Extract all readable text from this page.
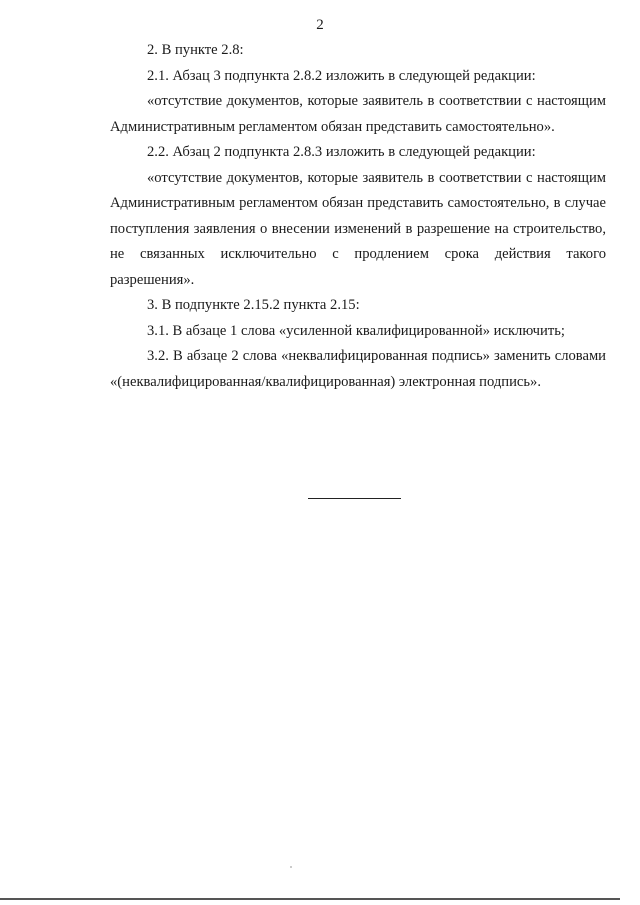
2

2. В пункте 2.8:

2.1. Абзац 3 подпункта 2.8.2 изложить в следующей редакции:

«отсутствие документов, которые заявитель в соответствии с настоящим Административным регламентом обязан представить самостоятельно».

2.2. Абзац 2 подпункта 2.8.3 изложить в следующей редакции:

«отсутствие документов, которые заявитель в соответствии с настоящим Административным регламентом обязан представить самостоятельно, в случае поступления заявления о внесении изменений в разрешение на строительство, не связанных исключительно с продлением срока действия такого разрешения».

3. В подпункте 2.15.2 пункта 2.15:

3.1. В абзаце 1 слова «усиленной квалифицированной» исключить;

3.2. В абзаце 2 слова «неквалифицированная подпись» заменить словами «(неквалифицированная/квалифицированная) электронная подпись».
